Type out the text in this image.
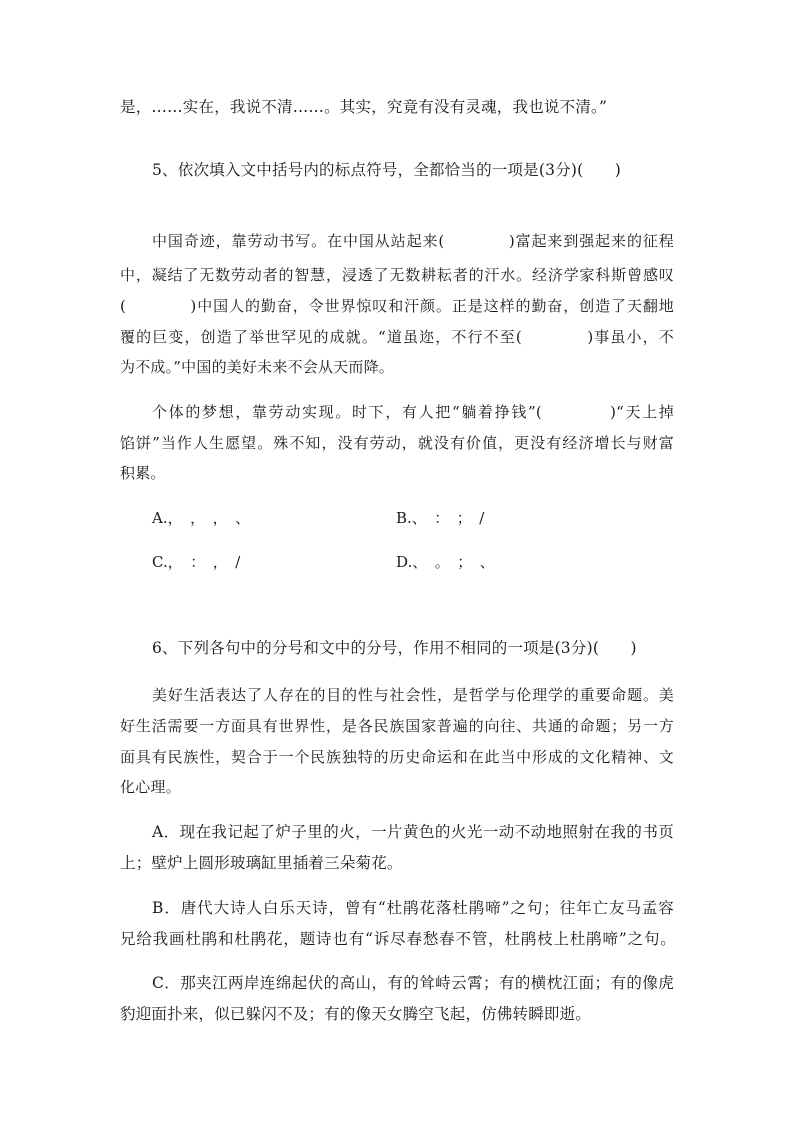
是，……实在，我说不清……。其实，究竟有没有灵魂，我也说不清。”
5、依次填入文中括号内的标点符号，全都恰当的一项是(3分)(　　)
中国奇迹，靠劳动书写。在中国从站起来(　　　　)富起来到强起来的征程
中，凝结了无数劳动者的智慧，浸透了无数耕耘者的汗水。经济学家科斯曾感叹
(　　　　)中国人的勤奋，令世界惊叹和汗颜。正是这样的勤奋，创造了天翻地
覆的巨变，创造了举世罕见的成就。“道虽迩，不行不至(　　　　)事虽小，不
为不成。”中国的美好未来不会从天而降。
个体的梦想，靠劳动实现。时下，有人把“躺着挣钱”(　　　　)“天上掉
馅饼”当作人生愿望。殊不知，没有劳动，就没有价值，更没有经济增长与财富
积累。
A.，　，　，　、	B.、　：　；　/
C.，　：　，　/	D.、　。　；　、
6、下列各句中的分号和文中的分号，作用不相同的一项是(3分)(　　)
美好生活表达了人存在的目的性与社会性，是哲学与伦理学的重要命题。美
好生活需要一方面具有世界性，是各民族国家普遍的向往、共通的命题；另一方
面具有民族性，契合于一个民族独特的历史命运和在此当中形成的文化精神、文
化心理。
A．现在我记起了炉子里的火，一片黄色的火光一动不动地照射在我的书页
上；壁炉上圆形玻璃缸里插着三朵菊花。
B．唐代大诗人白乐天诗，曾有“杜鹃花落杜鹃啼”之句；往年亡友马孟容
兄给我画杜鹃和杜鹃花，题诗也有“诉尽春愁春不管，杜鹃枝上杜鹃啼”之句。
C．那夹江两岸连绵起伏的高山，有的耸峙云霄；有的横枕江面；有的像虎
豹迎面扑来，似已躲闪不及；有的像天女腾空飞起，仿佛转瞬即逝。
